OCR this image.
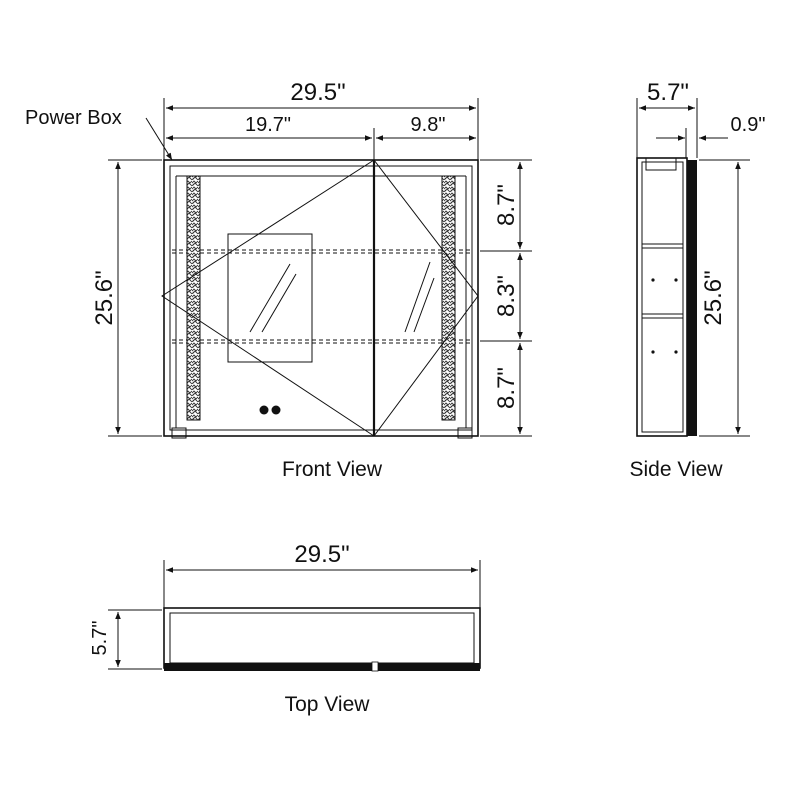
29.5"
19.7"	9.8"
Power Box
25.6"
8.7"
8.3"
8.7"
Front View
5.7"
0.9"
25.6"
Side View
29.5"
5.7"
Top View
